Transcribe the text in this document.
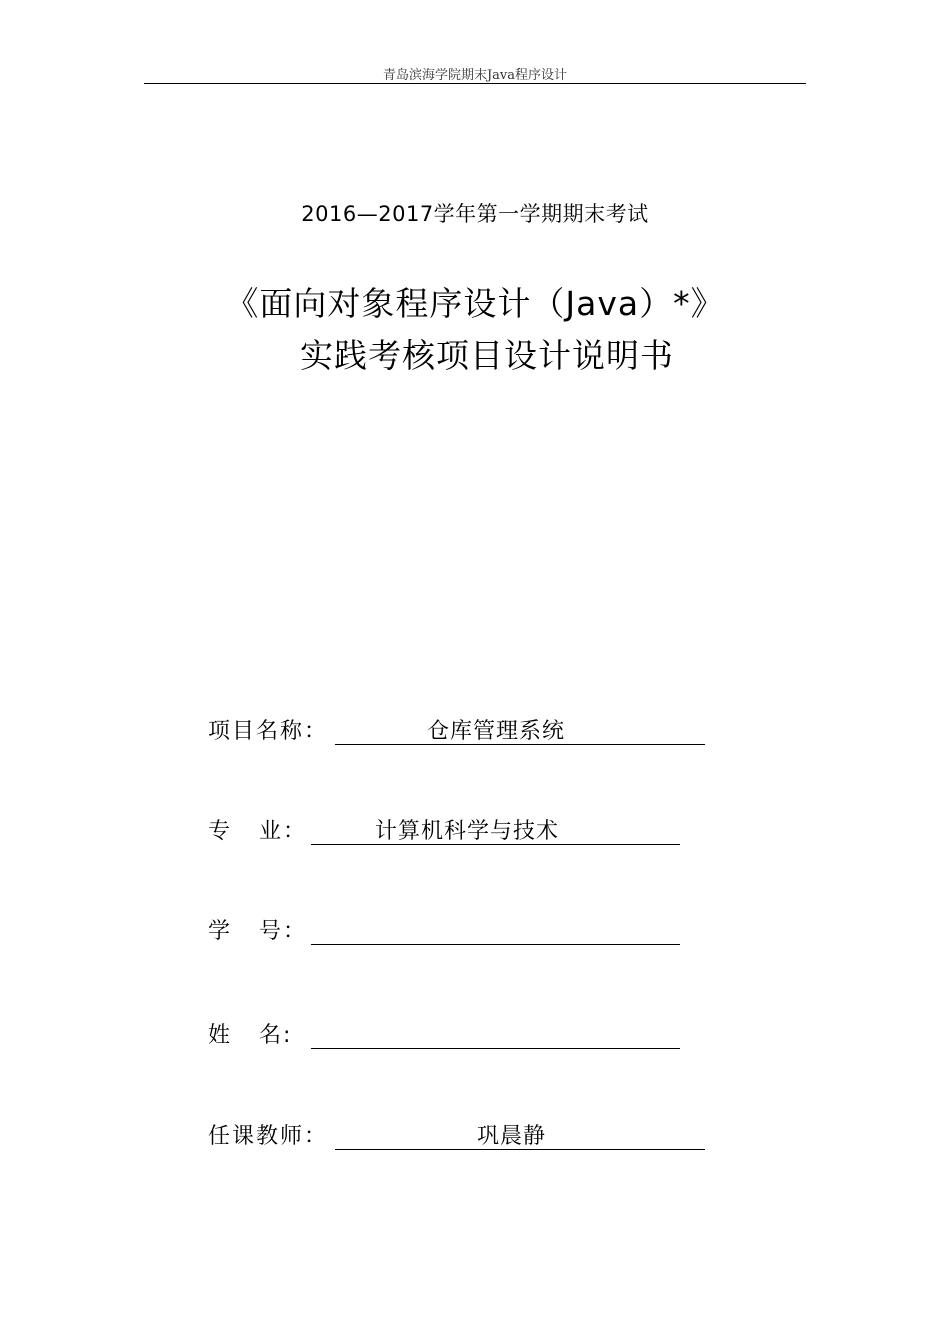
青岛滨海学院期末Java程序设计
2016—2017学年第一学期期末考试
《面向对象程序设计（Java）*》
实践考核项目设计说明书
项目名称：	仓库管理系统
专   业：	计算机科学与技术
学   号：
姓   名:
任课教师：	巩晨静
